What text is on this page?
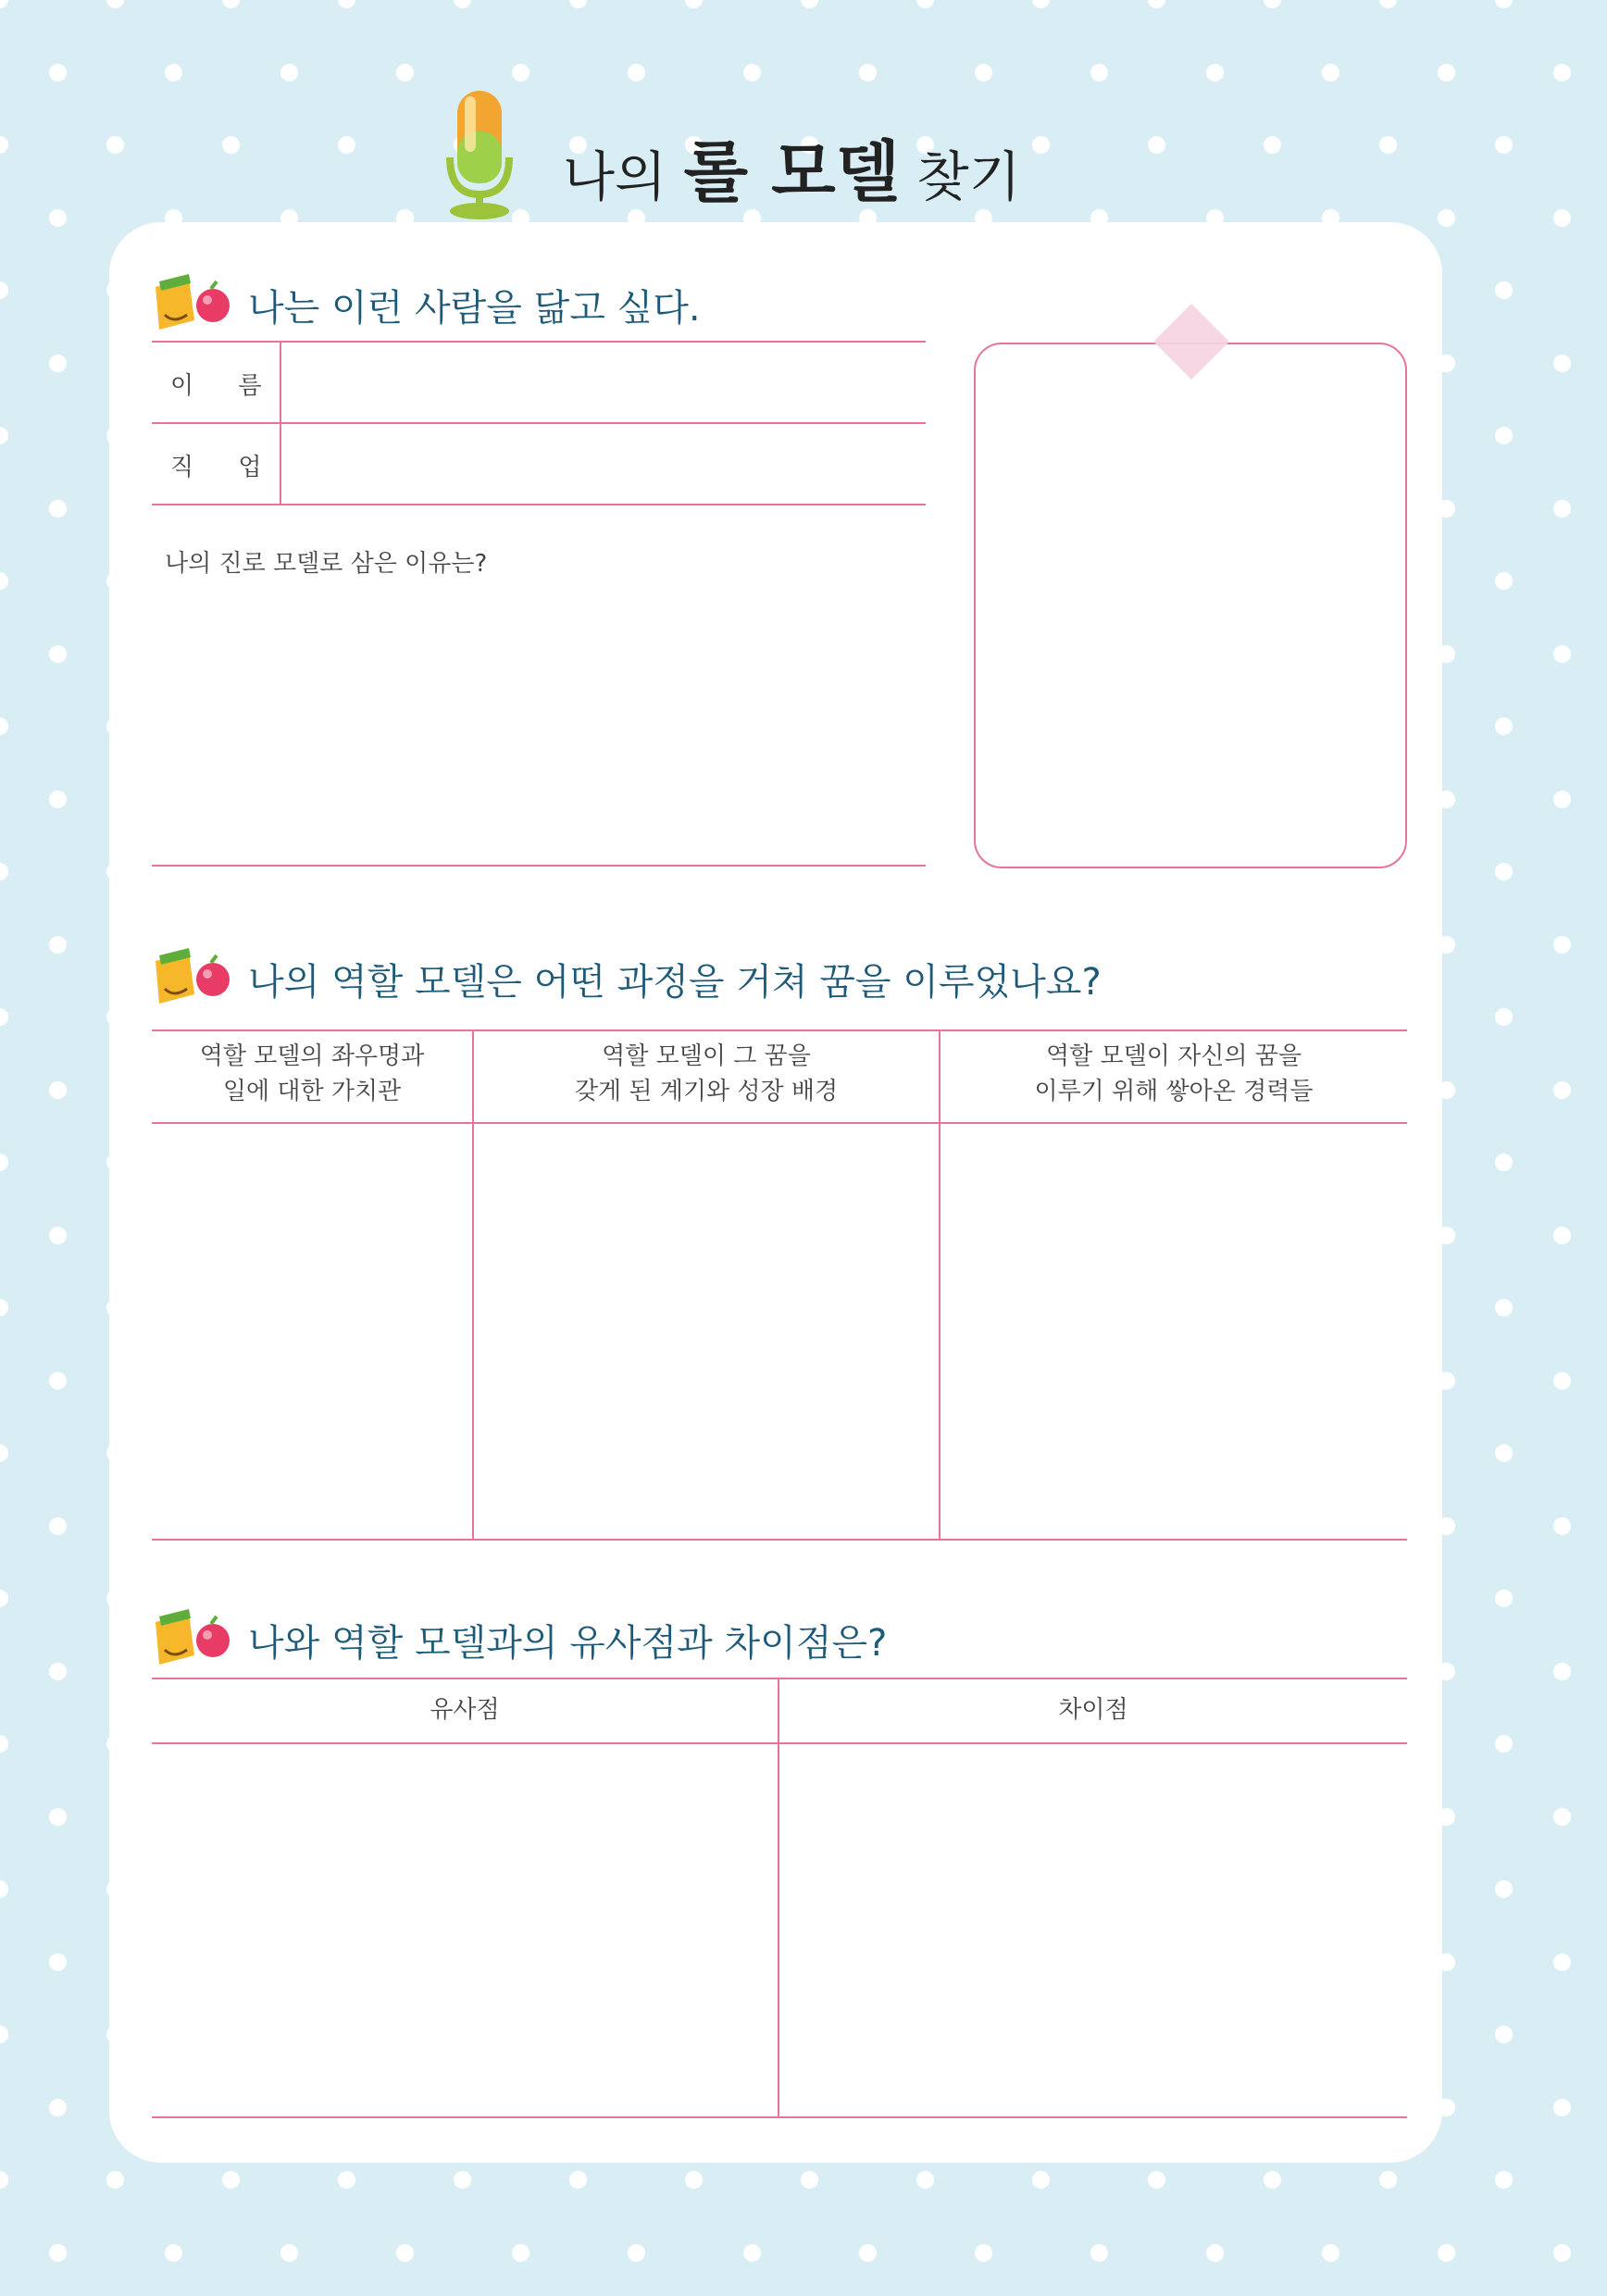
나의 롤 모델 찾기
나는 이런 사람을 닮고 싶다.
이 름
직 업
나의 진로 모델로 삼은 이유는?
나의 역할 모델은 어떤 과정을 거쳐 꿈을 이루었나요?
역할 모델의 좌우명과
일에 대한 가치관
역할 모델이 그 꿈을
갖게 된 계기와 성장 배경
역할 모델이 자신의 꿈을
이루기 위해 쌓아온 경력들
나와 역할 모델과의 유사점과 차이점은?
유사점	차이점
